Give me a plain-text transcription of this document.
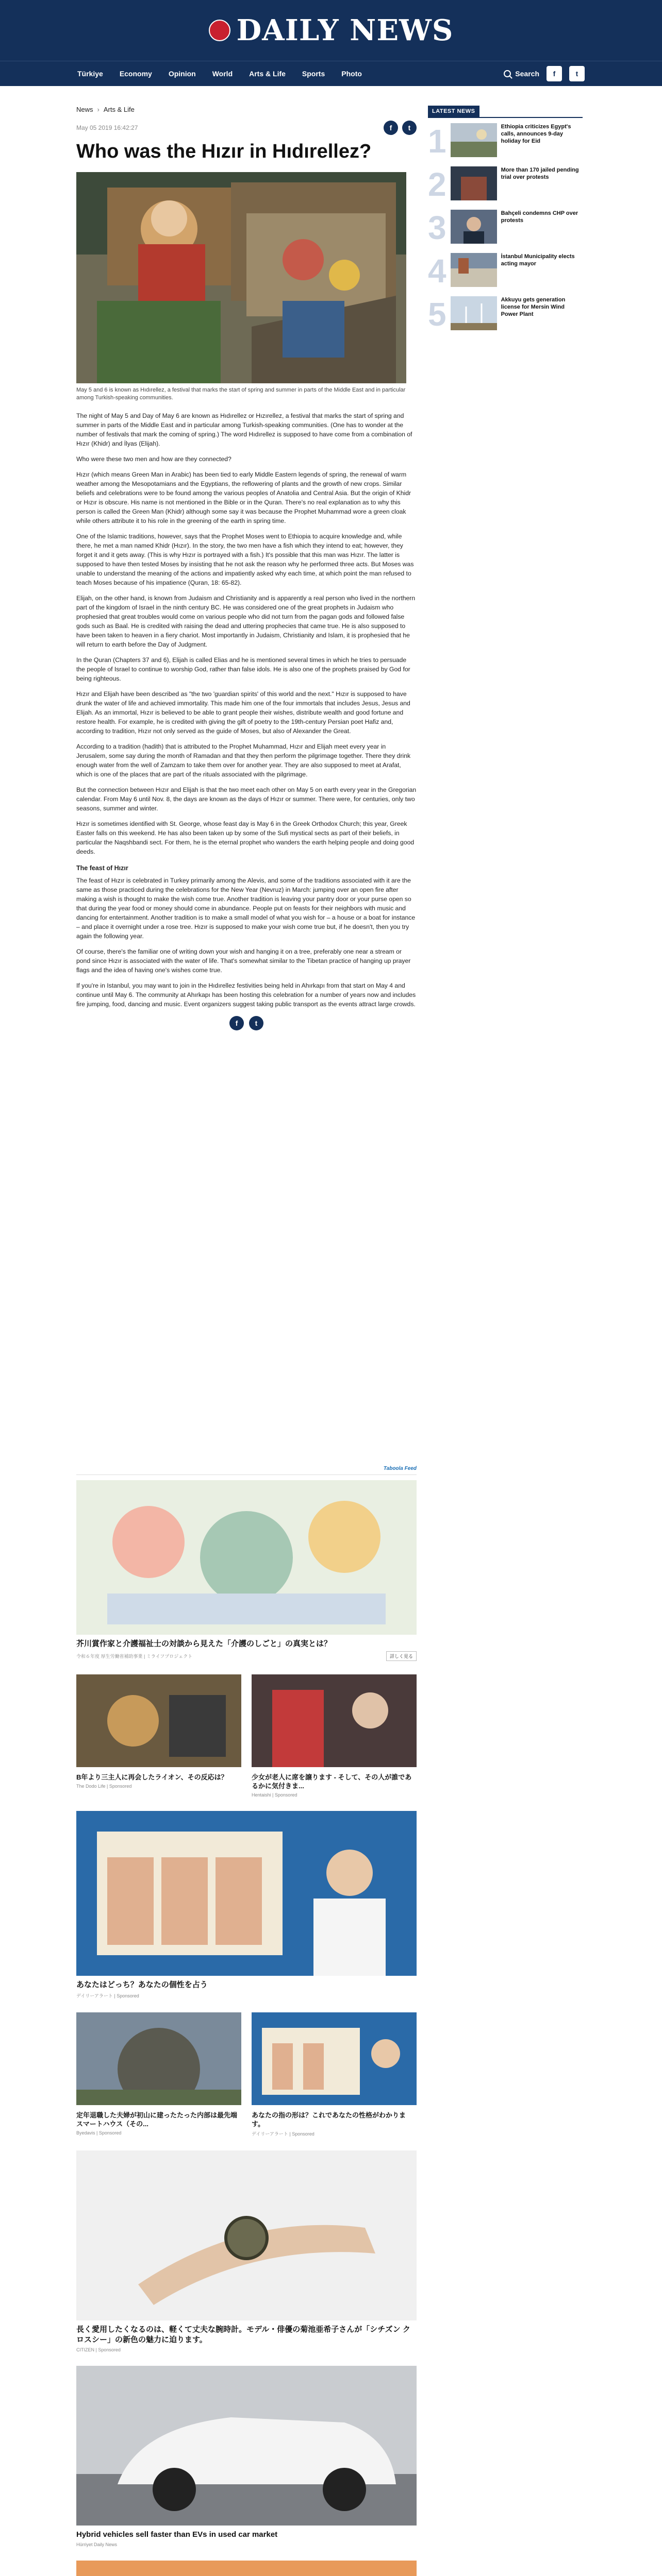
DAILY NEWS
Türkiye Economy Opinion World Arts & Life Sports Photo	Search	f	t
News › Arts & Life
May 05 2019 16:42:27	f	t
Who was the Hızır in Hıdırellez?
May 5 and 6 is known as Hıdırellez, a festival that marks the start of spring and summer in parts of the Middle East and in particular among Turkish-speaking communities.

The night of May 5 and Day of May 6 are known as Hıdırellez or Hızırellez, a festival that marks the start of spring and summer in parts of the Middle East and in particular among Turkish-speaking communities. (One has to wonder at the number of festivals that mark the coming of spring.) The word Hıdırellez is supposed to have come from a combination of Hızır (Khidr) and İlyas (Elijah).

Who were these two men and how are they connected?

Hızır (which means Green Man in Arabic) has been tied to early Middle Eastern legends of spring, the renewal of warm weather among the Mesopotamians and the Egyptians, the reflowering of plants and the growth of new crops. Similar beliefs and celebrations were to be found among the various peoples of Anatolia and Central Asia. But the origin of Khidr or Hızır is obscure. His name is not mentioned in the Bible or in the Quran. There's no real explanation as to why this person is called the Green Man (Khidr) although some say it was because the Prophet Muhammad wore a green cloak while others attribute it to his role in the greening of the earth in spring time.

One of the Islamic traditions, however, says that the Prophet Moses went to Ethiopia to acquire knowledge and, while there, he met a man named Khidr (Hızır). In the story, the two men have a fish which they intend to eat; however, they forget it and it gets away. (This is why Hızır is portrayed with a fish.) It's possible that this man was Hızır. The latter is supposed to have then tested Moses by insisting that he not ask the reason why he performed three acts. But Moses was unable to understand the meaning of the actions and impatiently asked why each time, at which point the man refused to teach Moses because of his impatience (Quran, 18: 65-82).

Elijah, on the other hand, is known from Judaism and Christianity and is apparently a real person who lived in the northern part of the kingdom of Israel in the ninth century BC. He was considered one of the great prophets in Judaism who prophesied that great troubles would come on various people who did not turn from the pagan gods and followed false gods such as Baal. He is credited with raising the dead and uttering prophecies that came true. He is also supposed to have been taken to heaven in a fiery chariot. Most importantly in Judaism, Christianity and Islam, it is prophesied that he will return to earth before the Day of Judgment.

In the Quran (Chapters 37 and 6), Elijah is called Elias and he is mentioned several times in which he tries to persuade the people of Israel to continue to worship God, rather than false idols. He is also one of the prophets praised by God for being righteous.

Hızır and Elijah have been described as "the two 'guardian spirits' of this world and the next." Hızır is supposed to have drunk the water of life and achieved immortality. This made him one of the four immortals that includes Jesus, Jesus and Elijah. As an immortal, Hızır is believed to be able to grant people their wishes, distribute wealth and good fortune and restore health. For example, he is credited with giving the gift of poetry to the 19th-century Persian poet Hafiz and, according to tradition, Hızır not only served as the guide of Moses, but also of Alexander the Great.

According to a tradition (hadith) that is attributed to the Prophet Muhammad, Hızır and Elijah meet every year in Jerusalem, some say during the month of Ramadan and that they then perform the pilgrimage together. There they drink enough water from the well of Zamzam to take them over for another year. They are also supposed to meet at Arafat, which is one of the places that are part of the rituals associated with the pilgrimage.

But the connection between Hızır and Elijah is that the two meet each other on May 5 on earth every year in the Gregorian calendar. From May 6 until Nov. 8, the days are known as the days of Hızır or summer. There were, for centuries, only two seasons, summer and winter.

Hızır is sometimes identified with St. George, whose feast day is May 6 in the Greek Orthodox Church; this year, Greek Easter falls on this weekend. He has also been taken up by some of the Sufi mystical sects as part of their beliefs, in particular the Naqshbandi sect. For them, he is the eternal prophet who wanders the earth helping people and doing good deeds.

The feast of Hızır

The feast of Hızır is celebrated in Turkey primarily among the Alevis, and some of the traditions associated with it are the same as those practiced during the celebrations for the New Year (Nevruz) in March: jumping over an open fire after making a wish is thought to make the wish come true. Another tradition is leaving your pantry door or your purse open so that during the year food or money should come in abundance. People put on feasts for their neighbors with music and dancing for entertainment. Another tradition is to make a small model of what you wish for – a house or a boat for instance – and place it overnight under a rose tree. Hızır is supposed to make your wish come true but, if he doesn't, then you try again the following year.

Of course, there's the familiar one of writing down your wish and hanging it on a tree, preferably one near a stream or pond since Hızır is associated with the water of life. That's somewhat similar to the Tibetan practice of hanging up prayer flags and the idea of having one's wishes come true.

If you're in Istanbul, you may want to join in the Hıdırellez festivities being held in Ahırkapı from that start on May 4 and continue until May 6. The community at Ahırkapı has been hosting this celebration for a number of years now and includes fire jumping, food, dancing and music. Event organizers suggest taking public transport as the events attract large crowds.

f	t
LATEST NEWS
1	Ethiopia criticizes Egypt's calls, announces 9-day holiday for Eid
2	More than 170 jailed pending trial over protests
3	Bahçeli condemns CHP over protests
4	İstanbul Municipality elects acting mayor
5	Akkuyu gets generation license for Mersin Wind Power Plant
Taboola Feed
芥川賞作家と介護福祉士の対談から見えた「介護のしごと」の真実とは？
令和６年度 厚生労働省補助事業 | ミライフプロジェクト	詳しく見る
B年より三主人に再会したライオン、その反応は？
The Dodo Life | Sponsored
少女が老人に席を譲ります - そして、その人が誰であるかに気付きま...
Hentaishi | Sponsored
あなたはどっち？あなたの個性を占う
デイリーアラート | Sponsored
定年退職した夫婦が初山に建ったたった内部は最先端スマートハウス（その...
Byedavis | Sponsored
あなたの指の形は？これであなたの性格がわかります。
デイリーアラート | Sponsored
長く愛用したくなるのは、軽くて丈夫な腕時計。モデル・俳優の菊池亜希子さんが「シチズン クロスシー」の新色の魅力に迫ります。
CITIZEN | Sponsored
Hybrid vehicles sell faster than EVs in used car market
Hürriyet Daily News
